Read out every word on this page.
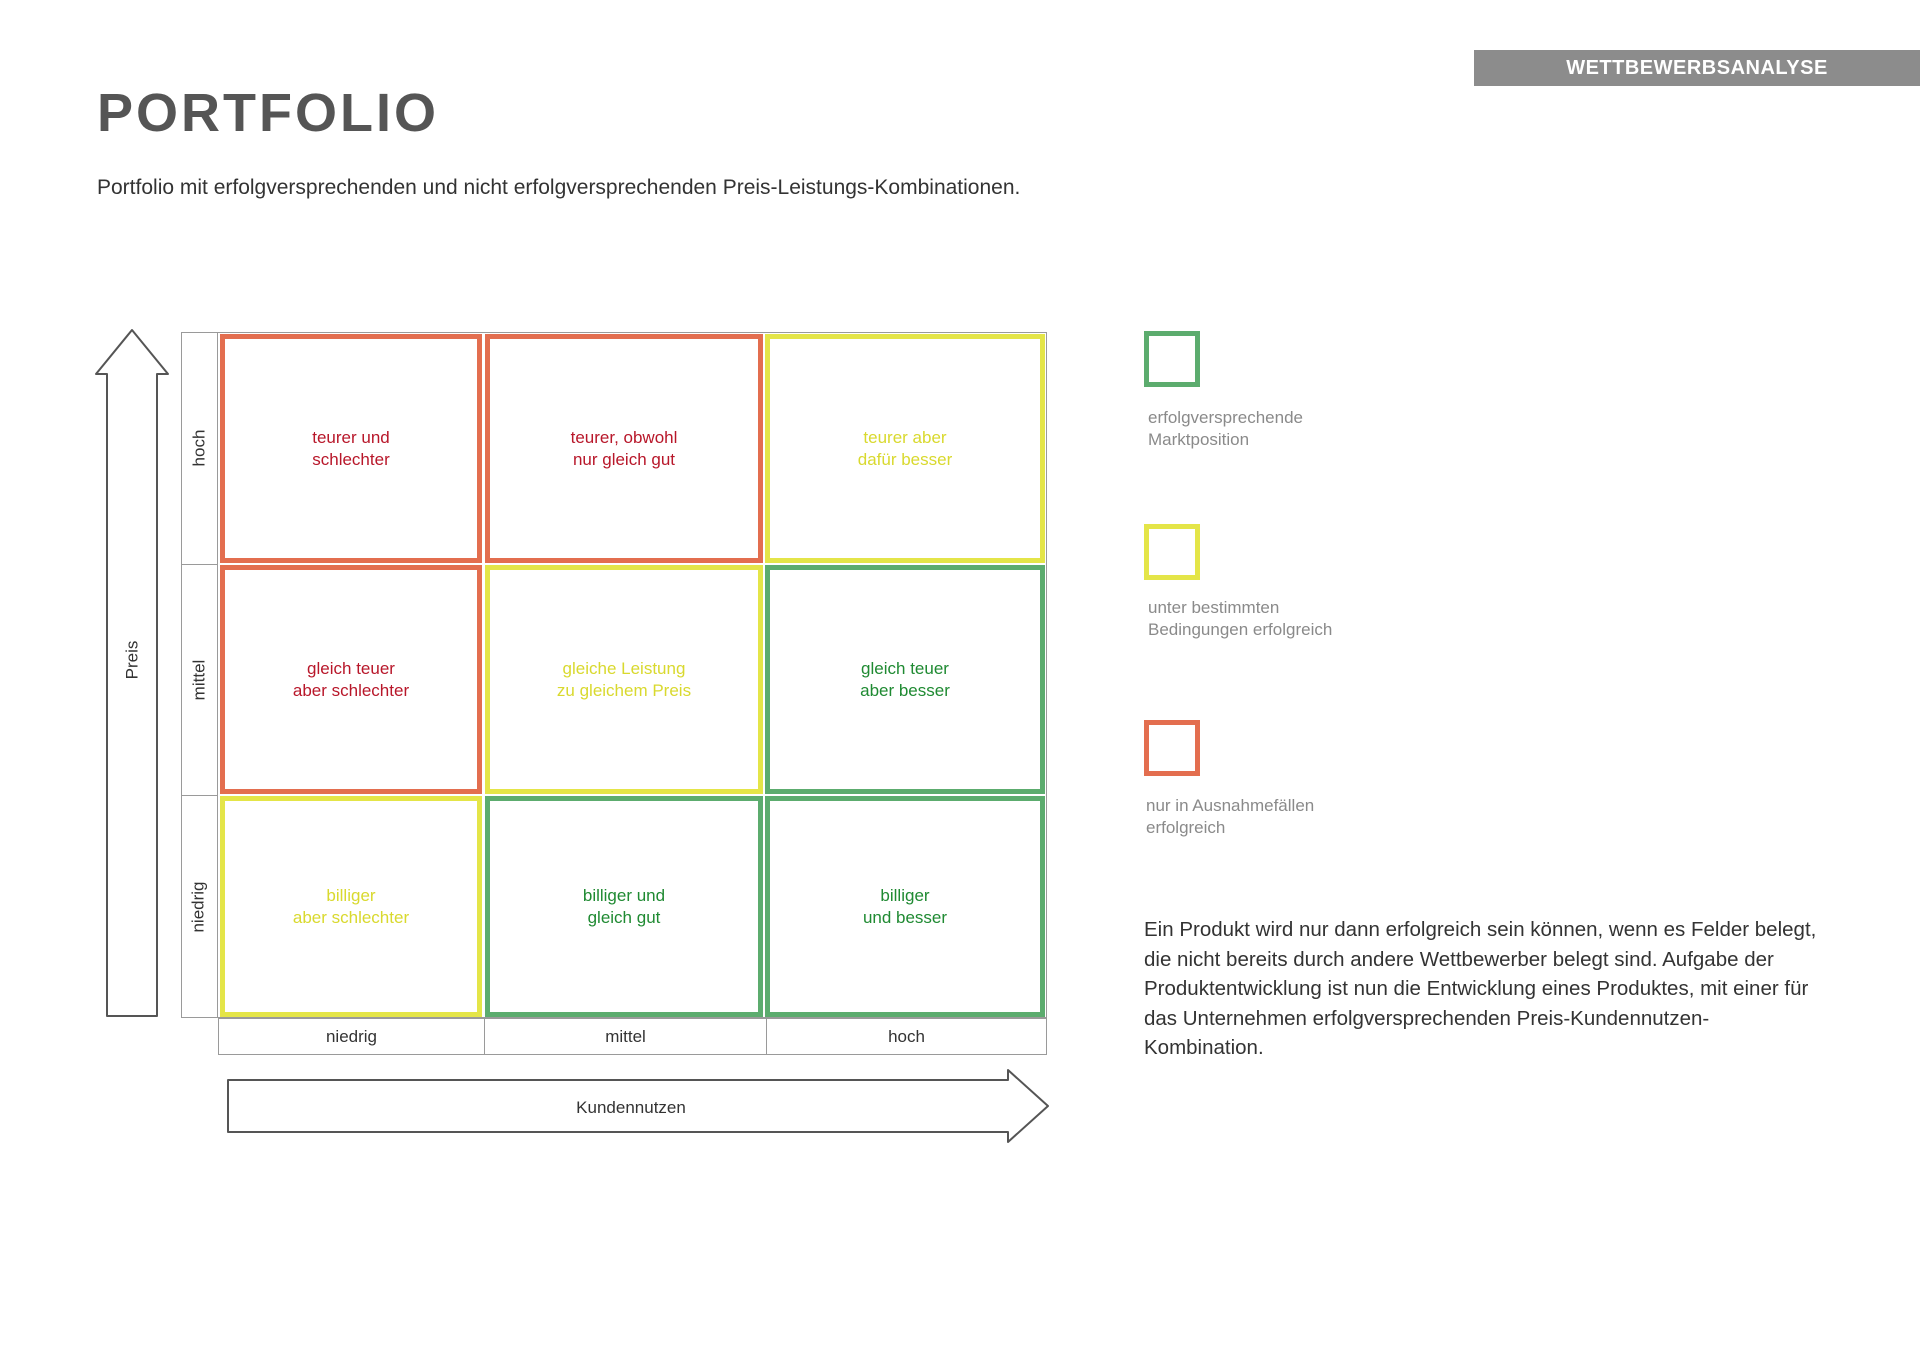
WETTBEWERBSANALYSE
PORTFOLIO
Portfolio mit erfolgversprechenden und nicht erfolgversprechenden Preis-Leistungs-Kombinationen.
Preis
Kundennutzen
hoch
mittel
niedrig
teurer und
schlechter
teurer, obwohl
nur gleich gut
teurer aber
dafür besser
gleich teuer
aber schlechter
gleiche Leistung
zu gleichem Preis
gleich teuer
aber besser
billiger
aber schlechter
billiger und
gleich gut
billiger
und besser
niedrig	mittel	hoch
erfolgversprechende
Marktposition
unter bestimmten
Bedingungen erfolgreich
nur in Ausnahmefällen
erfolgreich
Ein Produkt wird nur dann erfolgreich sein können, wenn es Felder belegt, die nicht bereits durch andere Wettbewerber belegt sind. Aufgabe der Produktentwicklung ist nun die Entwicklung eines Produktes, mit einer für das Unternehmen erfolgversprechenden Preis-Kundennutzen-Kombination.
